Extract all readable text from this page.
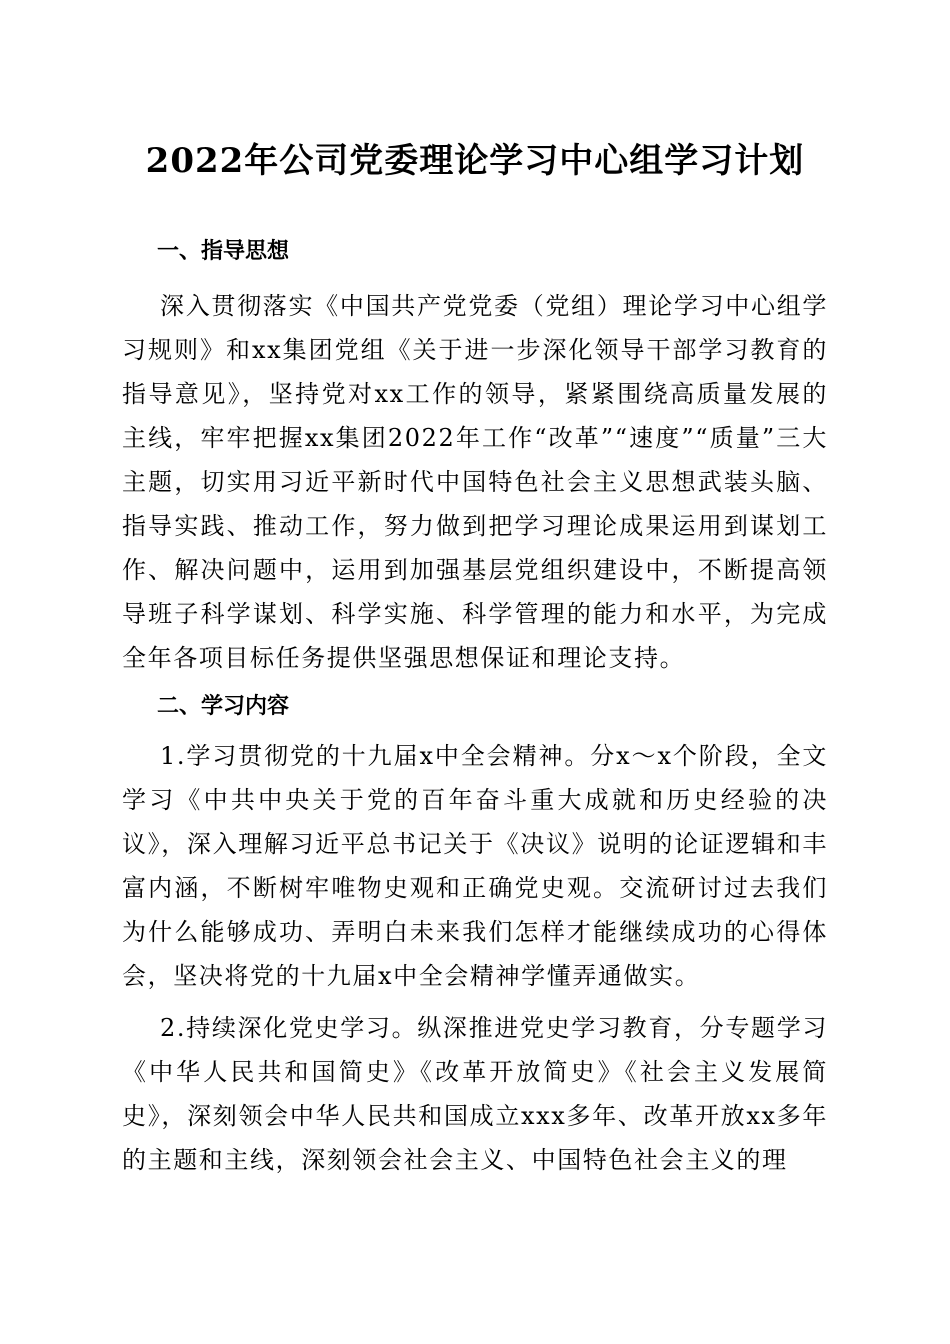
2022年公司党委理论学习中心组学习计划
一、指导思想

深入贯彻落实《中国共产党党委（党组）理论学习中心组学习规则》和xx集团党组《关于进一步深化领导干部学习教育的指导意见》，坚持党对xx工作的领导，紧紧围绕高质量发展的主线，牢牢把握xx集团2022年工作“改革”“速度”“质量”三大主题，切实用习近平新时代中国特色社会主义思想武装头脑、指导实践、推动工作，努力做到把学习理论成果运用到谋划工作、解决问题中，运用到加强基层党组织建设中，不断提高领导班子科学谋划、科学实施、科学管理的能力和水平，为完成全年各项目标任务提供坚强思想保证和理论支持。

二、学习内容

1.学习贯彻党的十九届x中全会精神。分x～x个阶段，全文学习《中共中央关于党的百年奋斗重大成就和历史经验的决议》，深入理解习近平总书记关于《决议》说明的论证逻辑和丰富内涵，不断树牢唯物史观和正确党史观。交流研讨过去我们为什么能够成功、弄明白未来我们怎样才能继续成功的心得体会，坚决将党的十九届x中全会精神学懂弄通做实。

2.持续深化党史学习。纵深推进党史学习教育，分专题学习《中华人民共和国简史》《改革开放简史》《社会主义发展简史》，深刻领会中华人民共和国成立xxx多年、改革开放xx多年的主题和主线，深刻领会社会主义、中国特色社会主义的理
